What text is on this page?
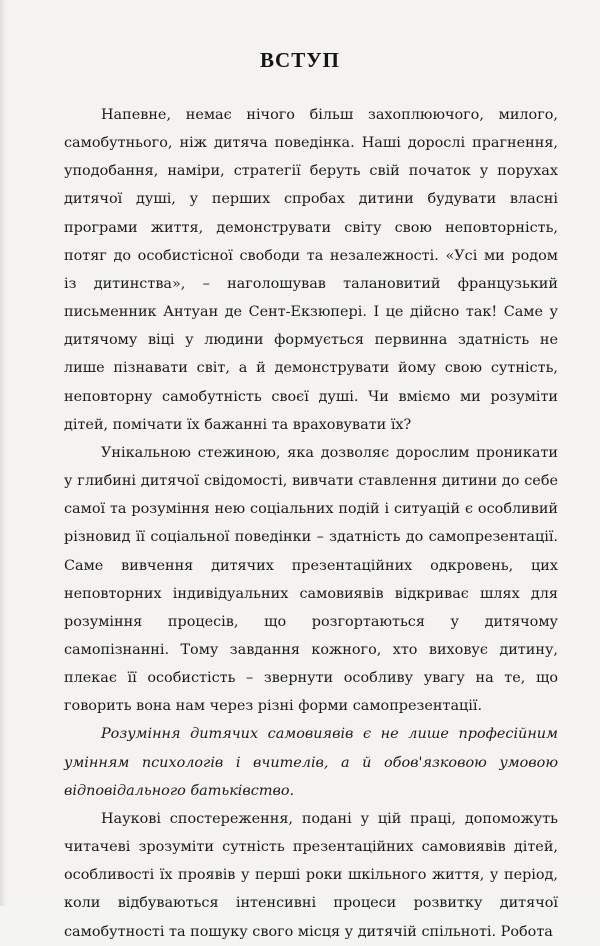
ВСТУП

Напевне, немає нічого більш захоплюючого, милого, самобутнього, ніж дитяча поведінка. Наші дорослі прагнення, уподобання, наміри, стратегії беруть свій початок у порухах дитячої душі, у перших спробах дитини будувати власні програми життя, демонструвати світу свою неповторність, потяг до особистісної свободи та незалежності. «Усі ми родом із дитинства», – наголошував талановитий французький письменник Антуан де Сент-Екзюпері. І це дійсно так! Саме у дитячому віці у людини формується первинна здатність не лише пізнавати світ, а й демонструвати йому свою сутність, неповторну самобутність своєї душі. Чи вміємо ми розуміти дітей, помічати їх бажанні та враховувати їх?

Унікальною стежиною, яка дозволяє дорослим проникати у глибині дитячої свідомості, вивчати ставлення дитини до себе самої та розуміння нею соціальних подій і ситуацій є особливий різновид її соціальної поведінки – здатність до самопрезентації. Саме вивчення дитячих презентаційних одкровень, цих неповторних індивідуальних самовиявів відкриває шлях для розуміння процесів, що розгортаються у дитячому самопізнанні. Тому завдання кожного, хто виховує дитину, плекає її особистість – звернути особливу увагу на те, що говорить вона нам через різні форми самопрезентації.

Розуміння дитячих самовиявів є не лише професійним умінням психологів і вчителів, а й обов'язковою умовою відповідального батьківство.

Наукові спостереження, подані у цій праці, допоможуть читачеві зрозуміти сутність презентаційних самовиявів дітей, особливості їх проявів у перші роки шкільного життя, у період, коли відбуваються інтенсивні процеси розвитку дитячої самобутності та пошуку свого місця у дитячій спільноті. Робота
